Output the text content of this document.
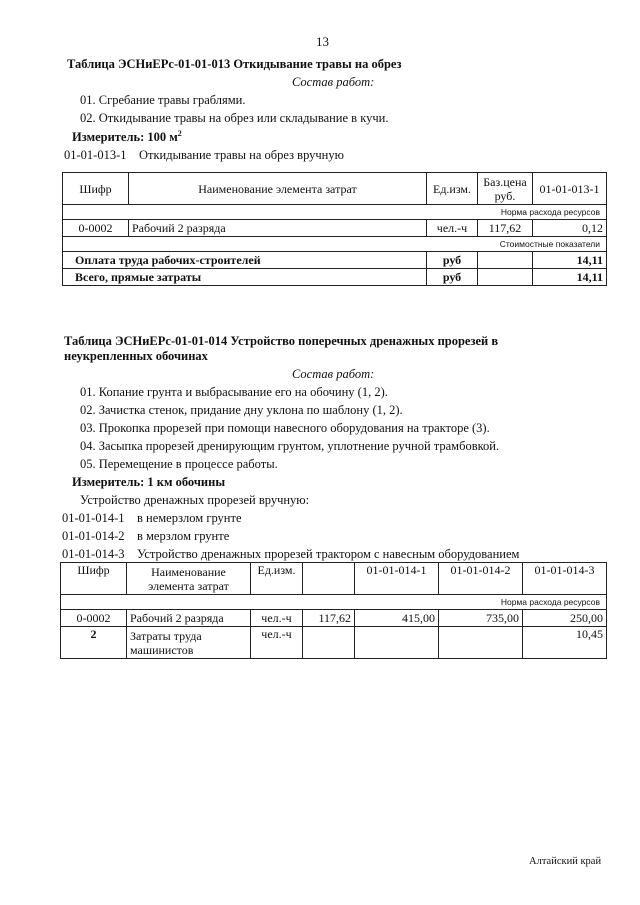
13
Таблица ЭСНиЕРс-01-01-013 Откидывание травы на обрез
Состав работ:
01. Сгребание травы граблями.
02. Откидывание травы на обрез или складывание в кучи.
Измеритель: 100 $м^2$
01-01-013-1    Откидывание травы на обрез вручную
Шифр	Наименование элемента затрат	Ед.изм.	Баз.цена руб.	01-01-013-1
Норма расхода ресурсов				
0-0002	Рабочий 2 разряда	чел.-ч	117,62	0,12
Стоимостные показатели				
Оплата труда рабочих-строителей		руб		14,11
Всего, прямые затраты		руб		14,11
Таблица ЭСНиЕРс-01-01-014 Устройство поперечных дренажных прорезей в
неукрепленных обочинах
Состав работ:
01. Копание грунта и выбрасывание его на обочину (1, 2).
02. Зачистка стенок, придание дну уклона по шаблону (1, 2).
03. Прокопка прорезей при помощи навесного оборудования на тракторе (3).
04. Засыпка прорезей дренирующим грунтом, уплотнение ручной трамбовкой.
05. Перемещение в процессе работы.
Измеритель: 1 км обочины
Устройство дренажных прорезей вручную:
01-01-014-1    в немерзлом грунте
01-01-014-2    в мерзлом грунте
01-01-014-3    Устройство дренажных прорезей трактором с навесным оборудованием
Шифр	Наименование элемента затрат	Ед.изм.		01-01-014-1	01-01-014-2	01-01-014-3
Норма расхода ресурсов						
0-0002	Рабочий 2 разряда	чел.-ч	117,62	415,00	735,00	250,00
2	Затраты труда машинистов	чел.-ч				10,45
Алтайский край
